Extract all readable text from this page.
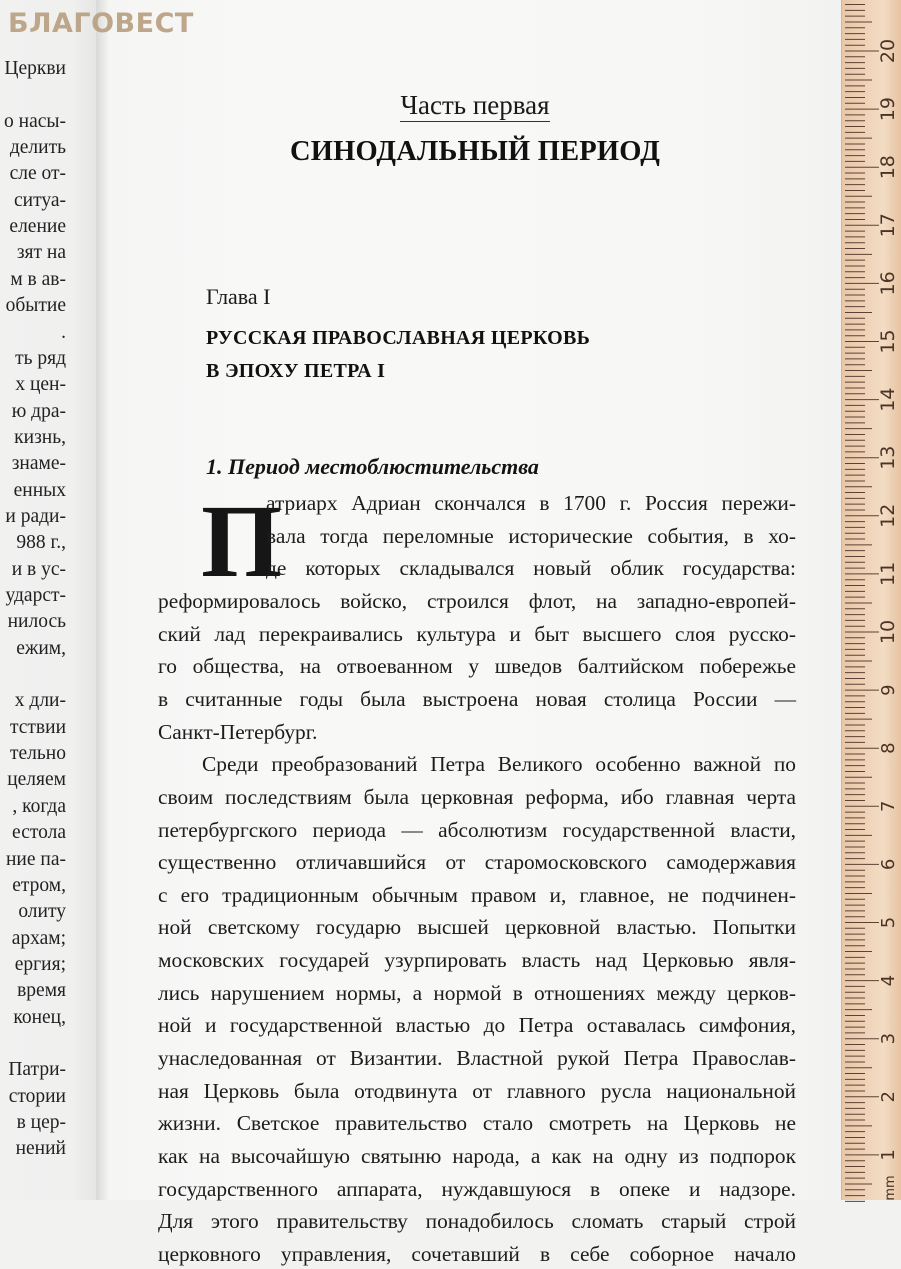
Церкви
о насы-
делить
сле от-
ситуа-
еление
зят на
м в ав-
обытие
.
ть ряд
х цен-
ю дра-
кизнь,
знаме-
енных
и ради-
988 г.,
и в ус-
ударст-
нилось
ежим,
х дли-
тствии
тельно
целяем
, когда
естола
ние па-
етром,
олиту
архам;
ергия;
время
конец,
Патри-
стории
в цер-
нений
Часть первая
СИНОДАЛЬНЫЙ ПЕРИОД
Глава I
РУССКАЯ ПРАВОСЛАВНАЯ ЦЕРКОВЬ
В ЭПОХУ ПЕТРА I
1. Период местоблюстительства
П
атриарх Адриан скончался в 1700 г. Россия пережи-
вала тогда переломные исторические события, в хо-
де которых складывался новый облик государства:
реформировалось войско, строился флот, на западно-европей-
ский лад перекраивались культура и быт высшего слоя русско-
го общества, на отвоеванном у шведов балтийском побережье
в считанные годы была выстроена новая столица России —
Санкт-Петербург.
Среди преобразований Петра Великого особенно важной по
своим последствиям была церковная реформа, ибо главная черта
петербургского периода — абсолютизм государственной власти,
существенно отличавшийся от старомосковского самодержавия
с его традиционным обычным правом и, главное, не подчинен-
ной светскому государю высшей церковной властью. Попытки
московских государей узурпировать власть над Церковью явля-
лись нарушением нормы, а нормой в отношениях между церков-
ной и государственной властью до Петра оставалась симфония,
унаследованная от Византии. Властной рукой Петра Православ-
ная Церковь была отодвинута от главного русла национальной
жизни. Светское правительство стало смотреть на Церковь не
как на высочайшую святыню народа, а как на одну из подпорок
государственного аппарата, нуждавшуюся в опеке и надзоре.
Для этого правительству понадобилось сломать старый строй
церковного управления, сочетавший в себе соборное начало
БЛАГОВЕСТ
1
2
3
4
5
6
7
8
9
10
11
12
13
14
15
16
17
18
19
20
mm
